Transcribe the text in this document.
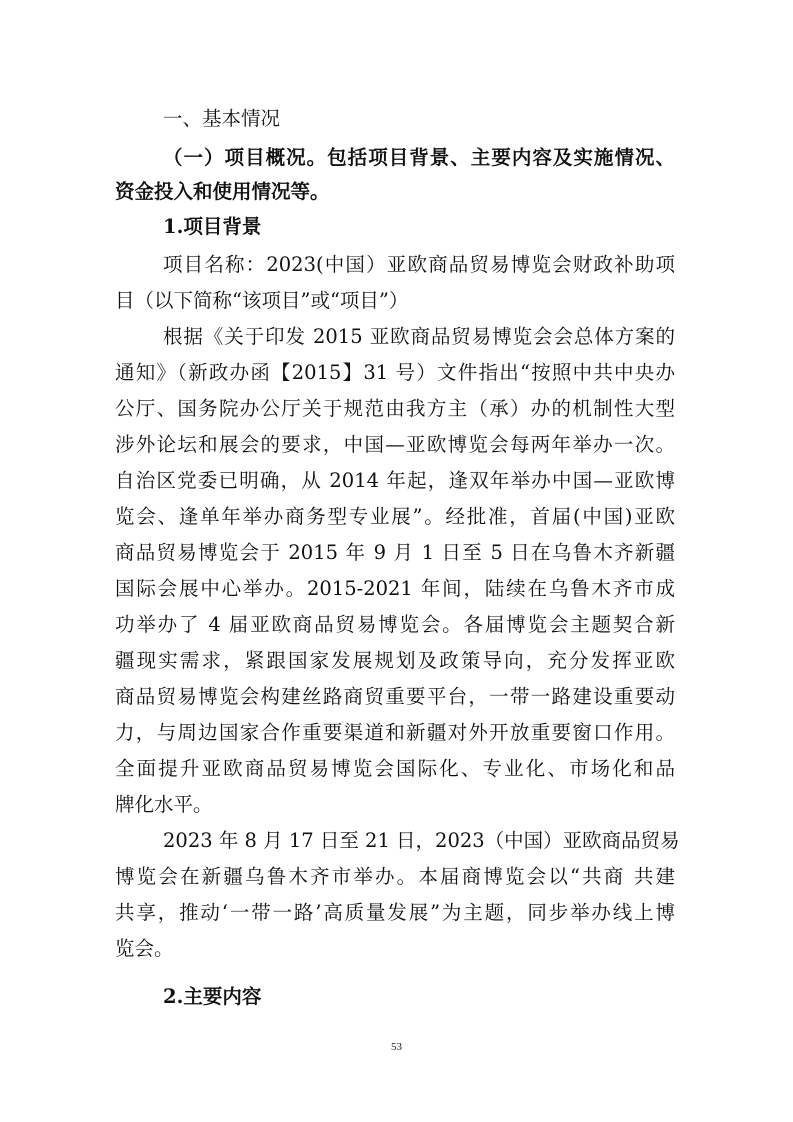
一、基本情况
（一）项目概况。包括项目背景、主要内容及实施情况、
资金投入和使用情况等。
1.项目背景
项目名称：2023(中国）亚欧商品贸易博览会财政补助项
目（以下简称“该项目”或“项目”）
根据《关于印发 2015 亚欧商品贸易博览会会总体方案的
通知》（新政办函【2015】31 号）文件指出“按照中共中央办
公厅、国务院办公厅关于规范由我方主（承）办的机制性大型
涉外论坛和展会的要求，中国—亚欧博览会每两年举办一次。
自治区党委已明确，从 2014 年起，逢双年举办中国—亚欧博
览会、逢单年举办商务型专业展”。经批准，首届(中国)亚欧
商品贸易博览会于 2015 年 9 月 1 日至 5 日在乌鲁木齐新疆
国际会展中心举办。2015-2021 年间，陆续在乌鲁木齐市成
功举办了 4 届亚欧商品贸易博览会。各届博览会主题契合新
疆现实需求，紧跟国家发展规划及政策导向，充分发挥亚欧
商品贸易博览会构建丝路商贸重要平台，一带一路建设重要动
力，与周边国家合作重要渠道和新疆对外开放重要窗口作用。
全面提升亚欧商品贸易博览会国际化、专业化、市场化和品
牌化水平。
2023 年 8 月 17 日至 21 日，2023（中国）亚欧商品贸易
博览会在新疆乌鲁木齐市举办。本届商博览会以“共商 共建
共享，推动‘一带一路’高质量发展”为主题，同步举办线上博
览会。
2.主要内容
53
